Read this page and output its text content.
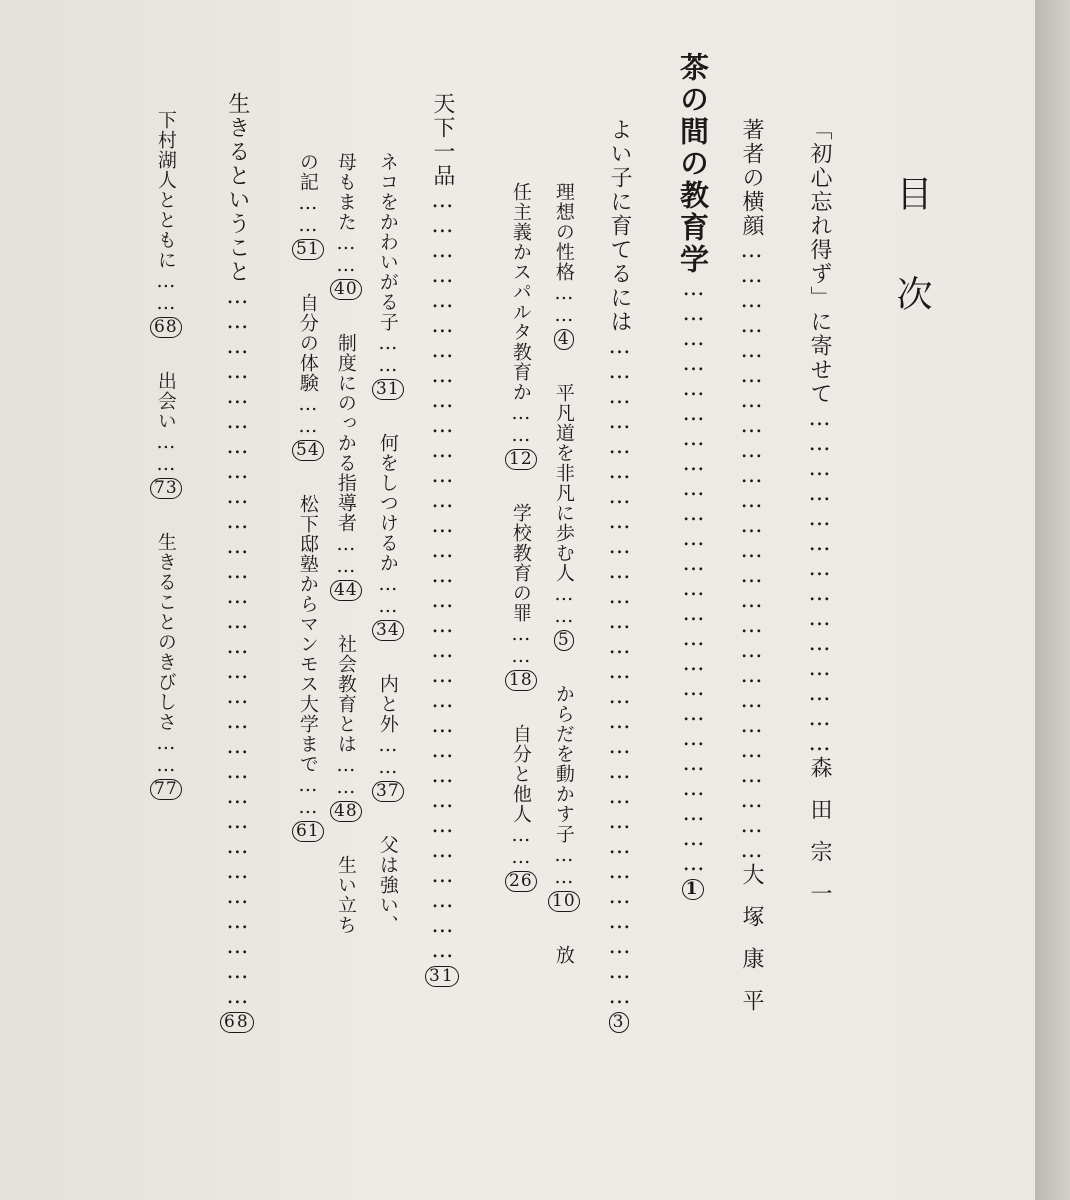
目次
「初心忘れ得ず」に寄せて……………………………………森田宗一
著者の横顔…………………………………………………………………大塚康平
茶の間の教育学………………………………………………………………1
よい子に育てるには………………………………………………………………………3
理想の性格……4平凡道を非凡に歩む人……5からだを動かす子……10放
任主義かスパルタ教育か……12学校教育の罪……18自分と他人……26
天下一品…………………………………………………………………………………31
ネコをかわいがる子……31何をしつけるか……34内と外……37父は強い、
母もまた……40制度にのっかる指導者……44社会教育とは……48生い立ち
の記……51自分の体験……54松下邸塾からマンモス大学まで……61
生きるということ……………………………………………………………………………68
下村湖人とともに……68出会い……73生きることのきびしさ……77
